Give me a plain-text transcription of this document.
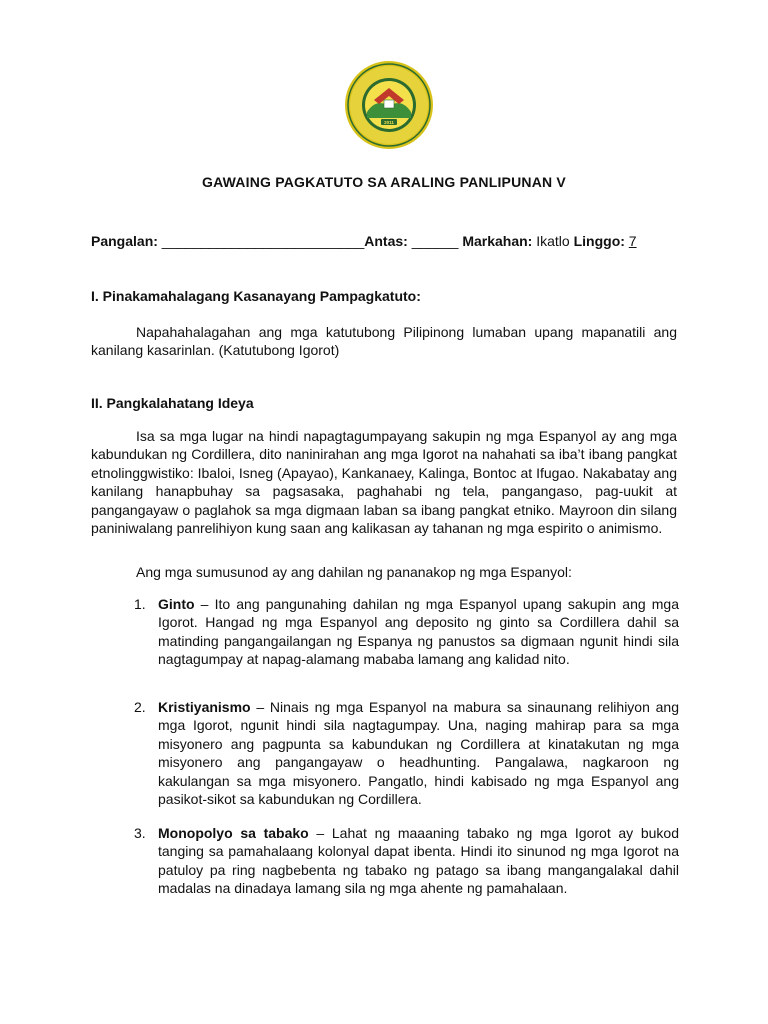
2011
GAWAING PAGKATUTO SA ARALING PANLIPUNAN V
Pangalan: __________________________Antas: ______ Markahan: Ikatlo Linggo: 7
I. Pinakamahalagang Kasanayang Pampagkatuto:
Napahahalagahan ang mga katutubong Pilipinong lumaban upang mapanatili ang kanilang kasarinlan. (Katutubong Igorot)
II. Pangkalahatang Ideya
Isa sa mga lugar na hindi napagtagumpayang sakupin ng mga Espanyol ay ang mga kabundukan ng Cordillera, dito naninirahan ang mga Igorot na nahahati sa iba’t ibang pangkat etnolinggwistiko: Ibaloi, Isneg (Apayao), Kankanaey, Kalinga, Bontoc at Ifugao. Nakabatay ang kanilang hanapbuhay sa pagsasaka, paghahabi ng tela, pangangaso, pag-uukit at pangangayaw o paglahok sa mga digmaan laban sa ibang pangkat etniko. Mayroon din silang paniniwalang panrelihiyon kung saan ang kalikasan ay tahanan ng mga espirito o animismo.
Ang mga sumusunod ay ang dahilan ng pananakop ng mga Espanyol:
1. Ginto – Ito ang pangunahing dahilan ng mga Espanyol upang sakupin ang mga Igorot. Hangad ng mga Espanyol ang deposito ng ginto sa Cordillera dahil sa matinding pangangailangan ng Espanya ng panustos sa digmaan ngunit hindi sila nagtagumpay at napag-alamang mababa lamang ang kalidad nito.
2. Kristiyanismo – Ninais ng mga Espanyol na mabura sa sinaunang relihiyon ang mga Igorot, ngunit hindi sila nagtagumpay. Una, naging mahirap para sa mga misyonero ang pagpunta sa kabundukan ng Cordillera at kinatakutan ng mga misyonero ang pangangayaw o headhunting. Pangalawa, nagkaroon ng kakulangan sa mga misyonero. Pangatlo, hindi kabisado ng mga Espanyol ang pasikot-sikot sa kabundukan ng Cordillera.
3. Monopolyo sa tabako – Lahat ng maaaning tabako ng mga Igorot ay bukod tanging sa pamahalaang kolonyal dapat ibenta. Hindi ito sinunod ng mga Igorot na patuloy pa ring nagbebenta ng tabako ng patago sa ibang mangangalakal dahil madalas na dinadaya lamang sila ng mga ahente ng pamahalaan.
